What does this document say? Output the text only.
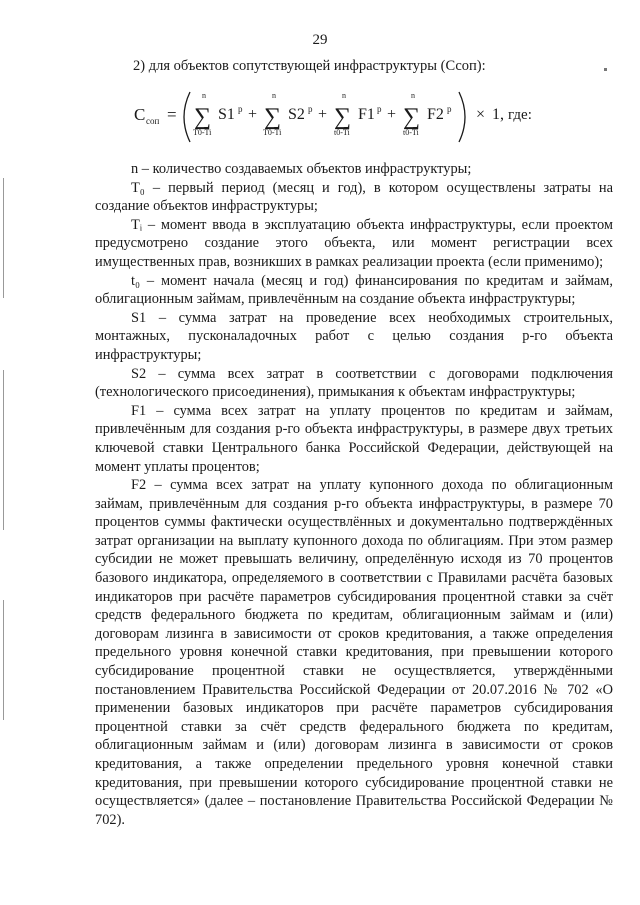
29
2) для объектов сопутствующей инфраструктуры (Ссоп):
С соп =
n
∑
T0-Ti
S1 p +
n
∑
T0-Ti
S2 p +
n
∑
t0-Ti
F1 p +
n
∑
t0-Ti
F2 p × 1, где:

n – количество создаваемых объектов инфраструктуры;

T₀ – первый период (месяц и год), в котором осуществлены затраты на создание объектов инфраструктуры;

Tᵢ – момент ввода в эксплуатацию объекта инфраструктуры, если проектом предусмотрено создание этого объекта, или момент регистрации всех имущественных прав, возникших в рамках реализации проекта (если применимо);

t₀ – момент начала (месяц и год) финансирования по кредитам и займам, облигационным займам, привлечённым на создание объекта инфраструктуры;

S1 – сумма затрат на проведение всех необходимых строительных, монтажных, пусконаладочных работ с целью создания p-го объекта инфраструктуры;

S2 – сумма всех затрат в соответствии с договорами подключения (технологического присоединения), примыкания к объектам инфраструктуры;

F1 – сумма всех затрат на уплату процентов по кредитам и займам, привлечённым для создания p-го объекта инфраструктуры, в размере двух третьих ключевой ставки Центрального банка Российской Федерации, действующей на момент уплаты процентов;

F2 – сумма всех затрат на уплату купонного дохода по облигационным займам, привлечённым для создания p-го объекта инфраструктуры, в размере 70 процентов суммы фактически осуществлённых и документально подтверждённых затрат организации на выплату купонного дохода по облигациям. При этом размер субсидии не может превышать величину, определённую исходя из 70 процентов базового индикатора, определяемого в соответствии с Правилами расчёта базовых индикаторов при расчёте параметров субсидирования процентной ставки за счёт средств федерального бюджета по кредитам, облигационным займам и (или) договорам лизинга в зависимости от сроков кредитования, а также определения предельного уровня конечной ставки кредитования, при превышении которого субсидирование процентной ставки не осуществляется, утверждёнными постановлением Правительства Российской Федерации от 20.07.2016 № 702 «О применении базовых индикаторов при расчёте параметров субсидирования процентной ставки за счёт средств федерального бюджета по кредитам, облигационным займам и (или) договорам лизинга в зависимости от сроков кредитования, а также определении предельного уровня конечной ставки кредитования, при превышении которого субсидирование процентной ставки не осуществляется» (далее – постановление Правительства Российской Федерации № 702).
